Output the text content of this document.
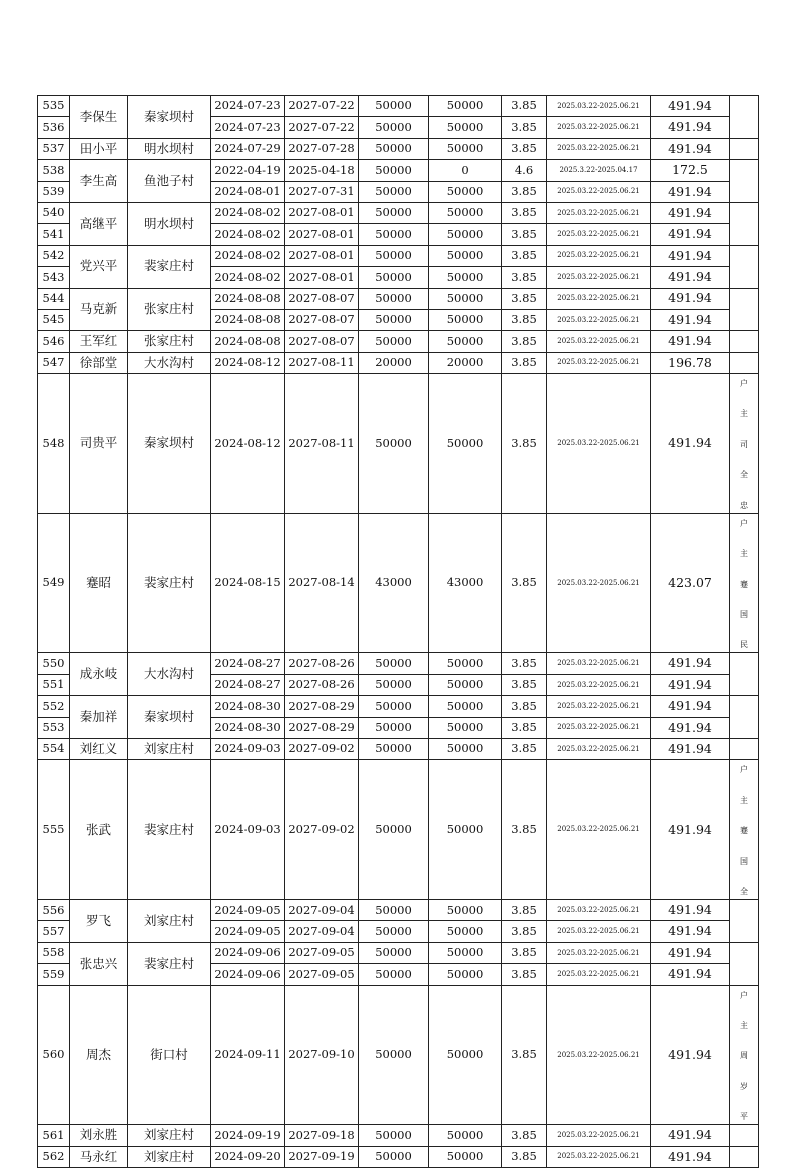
535	李保生	秦家坝村	2024-07-23	2027-07-22	50000	50000	3.85	2025.03.22-2025.06.21	491.94	
536			2024-07-23	2027-07-22	50000	50000	3.85	2025.03.22-2025.06.21	491.94	
537	田小平	明水坝村	2024-07-29	2027-07-28	50000	50000	3.85	2025.03.22-2025.06.21	491.94	
538	李生高	鱼池子村	2022-04-19	2025-04-18	50000	0	4.6	2025.3.22-2025.04.17	172.5	
539			2024-08-01	2027-07-31	50000	50000	3.85	2025.03.22-2025.06.21	491.94	
540	高继平	明水坝村	2024-08-02	2027-08-01	50000	50000	3.85	2025.03.22-2025.06.21	491.94	
541			2024-08-02	2027-08-01	50000	50000	3.85	2025.03.22-2025.06.21	491.94	
542	党兴平	裴家庄村	2024-08-02	2027-08-01	50000	50000	3.85	2025.03.22-2025.06.21	491.94	
543			2024-08-02	2027-08-01	50000	50000	3.85	2025.03.22-2025.06.21	491.94	
544	马克新	张家庄村	2024-08-08	2027-08-07	50000	50000	3.85	2025.03.22-2025.06.21	491.94	
545			2024-08-08	2027-08-07	50000	50000	3.85	2025.03.22-2025.06.21	491.94	
546	王军红	张家庄村	2024-08-08	2027-08-07	50000	50000	3.85	2025.03.22-2025.06.21	491.94	
547	徐部堂	大水沟村	2024-08-12	2027-08-11	20000	20000	3.85	2025.03.22-2025.06.21	196.78	
548	司贵平	秦家坝村	2024-08-12	2027-08-11	50000	50000	3.85	2025.03.22-2025.06.21	491.94	户

主

司

全

忠
549	蹇昭	裴家庄村	2024-08-15	2027-08-14	43000	43000	3.85	2025.03.22-2025.06.21	423.07	户

主

蹇

国

民
550	成永岐	大水沟村	2024-08-27	2027-08-26	50000	50000	3.85	2025.03.22-2025.06.21	491.94	
551			2024-08-27	2027-08-26	50000	50000	3.85	2025.03.22-2025.06.21	491.94	
552	秦加祥	秦家坝村	2024-08-30	2027-08-29	50000	50000	3.85	2025.03.22-2025.06.21	491.94	
553			2024-08-30	2027-08-29	50000	50000	3.85	2025.03.22-2025.06.21	491.94	
554	刘红义	刘家庄村	2024-09-03	2027-09-02	50000	50000	3.85	2025.03.22-2025.06.21	491.94	
555	张武	裴家庄村	2024-09-03	2027-09-02	50000	50000	3.85	2025.03.22-2025.06.21	491.94	户

主

蹇

国

全
556	罗飞	刘家庄村	2024-09-05	2027-09-04	50000	50000	3.85	2025.03.22-2025.06.21	491.94	
557			2024-09-05	2027-09-04	50000	50000	3.85	2025.03.22-2025.06.21	491.94	
558	张忠兴	裴家庄村	2024-09-06	2027-09-05	50000	50000	3.85	2025.03.22-2025.06.21	491.94	
559			2024-09-06	2027-09-05	50000	50000	3.85	2025.03.22-2025.06.21	491.94	
560	周杰	街口村	2024-09-11	2027-09-10	50000	50000	3.85	2025.03.22-2025.06.21	491.94	户

主

周

岁

平
561	刘永胜	刘家庄村	2024-09-19	2027-09-18	50000	50000	3.85	2025.03.22-2025.06.21	491.94	
562	马永红	刘家庄村	2024-09-20	2027-09-19	50000	50000	3.85	2025.03.22-2025.06.21	491.94	
